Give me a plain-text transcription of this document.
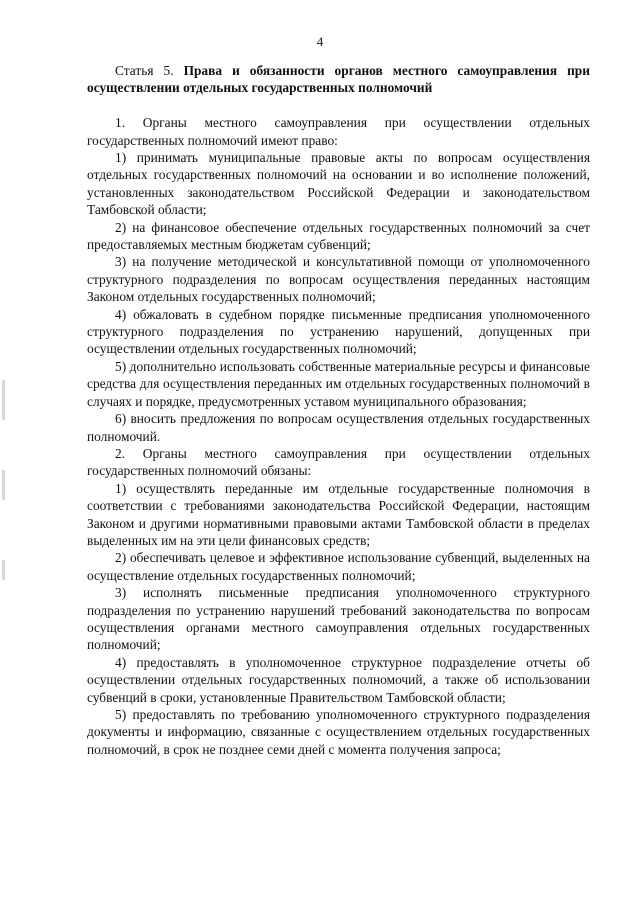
4

Статья 5. Права и обязанности органов местного самоуправления при осуществлении отдельных государственных полномочий

1. Органы местного самоуправления при осуществлении отдельных государственных полномочий имеют право:

1) принимать муниципальные правовые акты по вопросам осуществления отдельных государственных полномочий на основании и во исполнение положений, установленных законодательством Российской Федерации и законодательством Тамбовской области;

2) на финансовое обеспечение отдельных государственных полномочий за счет предоставляемых местным бюджетам субвенций;

3) на получение методической и консультативной помощи от уполномоченного структурного подразделения по вопросам осуществления переданных настоящим Законом отдельных государственных полномочий;

4) обжаловать в судебном порядке письменные предписания уполномоченного структурного подразделения по устранению нарушений, допущенных при осуществлении отдельных государственных полномочий;

5) дополнительно использовать собственные материальные ресурсы и финансовые средства для осуществления переданных им отдельных государственных полномочий в случаях и порядке, предусмотренных уставом муниципального образования;

6) вносить предложения по вопросам осуществления отдельных государственных полномочий.

2. Органы местного самоуправления при осуществлении отдельных государственных полномочий обязаны:

1) осуществлять переданные им отдельные государственные полномочия в соответствии с требованиями законодательства Российской Федерации, настоящим Законом и другими нормативными правовыми актами Тамбовской области в пределах выделенных им на эти цели финансовых средств;

2) обеспечивать целевое и эффективное использование субвенций, выделенных на осуществление отдельных государственных полномочий;

3) исполнять письменные предписания уполномоченного структурного подразделения по устранению нарушений требований законодательства по вопросам осуществления органами местного самоуправления отдельных государственных полномочий;

4) предоставлять в уполномоченное структурное подразделение отчеты об осуществлении отдельных государственных полномочий, а также об использовании субвенций в сроки, установленные Правительством Тамбовской области;

5) предоставлять по требованию уполномоченного структурного подразделения документы и информацию, связанные с осуществлением отдельных государственных полномочий, в срок не позднее семи дней с момента получения запроса;
